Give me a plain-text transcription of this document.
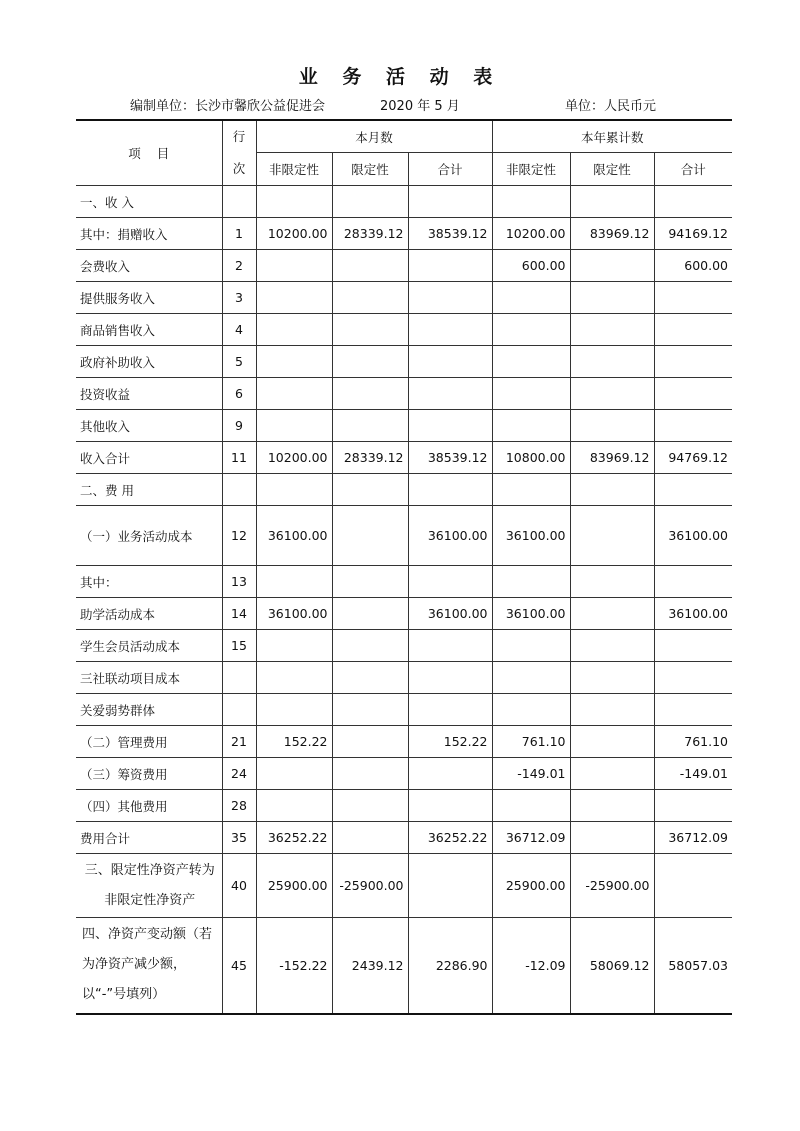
业 务 活 动 表
编制单位：长沙市馨欣公益促进会	2020 年 5 月	单位：人民币元
项    目	行次	本月数			本年累计数		
		非限定性	限定性	合计	非限定性	限定性	合计
一、收 入							
其中：捐赠收入	1	10200.00	28339.12	38539.12	10200.00	83969.12	94169.12
会费收入	2				600.00		600.00
提供服务收入	3						
商品销售收入	4						
政府补助收入	5						
投资收益	6						
其他收入	9						
收入合计	11	10200.00	28339.12	38539.12	10800.00	83969.12	94769.12
二、费 用							
（一）业务活动成本	12	36100.00		36100.00	36100.00		36100.00
其中：	13						
助学活动成本	14	36100.00		36100.00	36100.00		36100.00
学生会员活动成本	15						
三社联动项目成本							
关爱弱势群体							
（二）管理费用	21	152.22		152.22	761.10		761.10
（三）筹资费用	24				-149.01		-149.01
（四）其他费用	28						
费用合计	35	36252.22		36252.22	36712.09		36712.09
三、限定性净资产转为非限定性净资产	40	25900.00	-25900.00		25900.00	-25900.00	
四、净资产变动额（若为净资产减少额，以“-”号填列）	45	-152.22	2439.12	2286.90	-12.09	58069.12	58057.03
